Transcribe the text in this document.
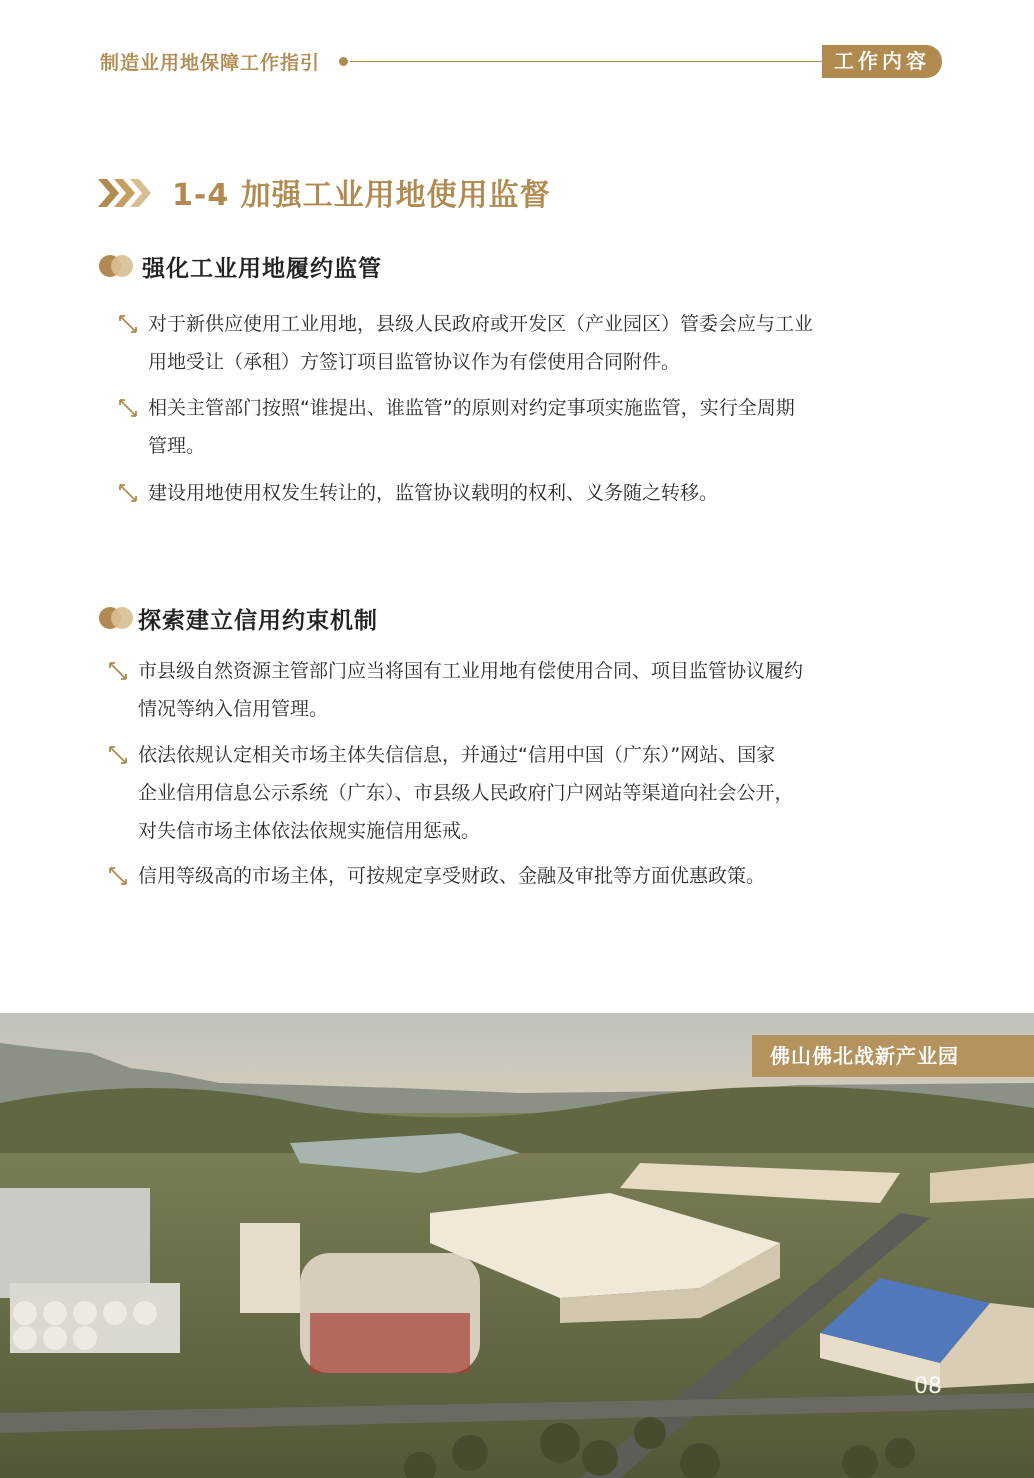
制造业用地保障工作指引	工作内容
1-4 加强工业用地使用监督
强化工业用地履约监管
对于新供应使用工业用地，县级人民政府或开发区（产业园区）管委会应与工业
用地受让（承租）方签订项目监管协议作为有偿使用合同附件。
相关主管部门按照“谁提出、谁监管”的原则对约定事项实施监管，实行全周期
管理。
建设用地使用权发生转让的，监管协议载明的权利、义务随之转移。
探索建立信用约束机制
市县级自然资源主管部门应当将国有工业用地有偿使用合同、项目监管协议履约
情况等纳入信用管理。
依法依规认定相关市场主体失信信息，并通过“信用中国（广东）”网站、国家
企业信用信息公示系统（广东）、市县级人民政府门户网站等渠道向社会公开，
对失信市场主体依法依规实施信用惩戒。
信用等级高的市场主体，可按规定享受财政、金融及审批等方面优惠政策。
佛山佛北战新产业园
08
